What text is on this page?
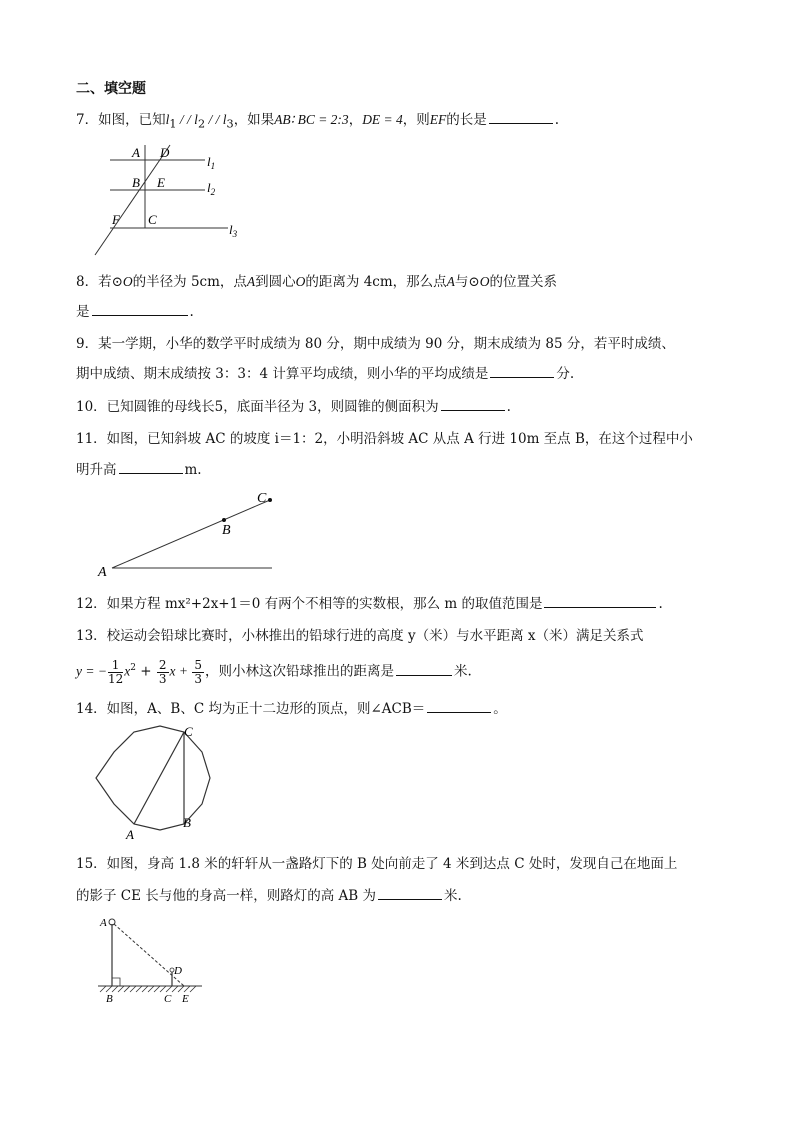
二、填空题
7．如图，已知$l_1$ / / $l_2$ / / $l_3$，如果AB∶ BC = 2:3，DE = 4，则EF的长是	.
A D
$l_1$
B E	$l_2$
F C
$l_3$
8．若⊙O的半径为 5cm，点A到圆心O的距离为 4cm，那么点A与⊙O的位置关系
是	.
9．某一学期，小华的数学平时成绩为 80 分，期中成绩为 90 分，期末成绩为 85 分，若平时成绩、
期中成绩、期末成绩按 3：3：4 计算平均成绩，则小华的平均成绩是	分.
10．已知圆锥的母线长5，底面半径为 3，则圆锥的侧面积为	.
11．如图，已知斜坡 AC 的坡度 i＝1：2，小明沿斜坡 AC 从点 A 行进 10m 至点 B，在这个过程中小
明升高	m.
A
B
C
12．如果方程 mx²+2x+1＝0 有两个不相等的实数根，那么 m 的取值范围是	.
13．校运动会铅球比赛时，小林推出的铅球行进的高度 y（米）与水平距离 x（米）满足关系式
y = − $\frac{1}{12} x^2 + \frac{2}{3}$ $x + \frac{5}{3}$ ，则小林这次铅球推出的距离是	米.
14．如图，A、B、C 均为正十二边形的顶点，则∠ACB＝	。
C
A
B
15．如图，身高 1.8 米的轩轩从一盏路灯下的 B 处向前走了 4 米到达点 C 处时，发现自己在地面上
的影子 CE 长与他的身高一样，则路灯的高 AB 为	米.
A
B	C
D
E
